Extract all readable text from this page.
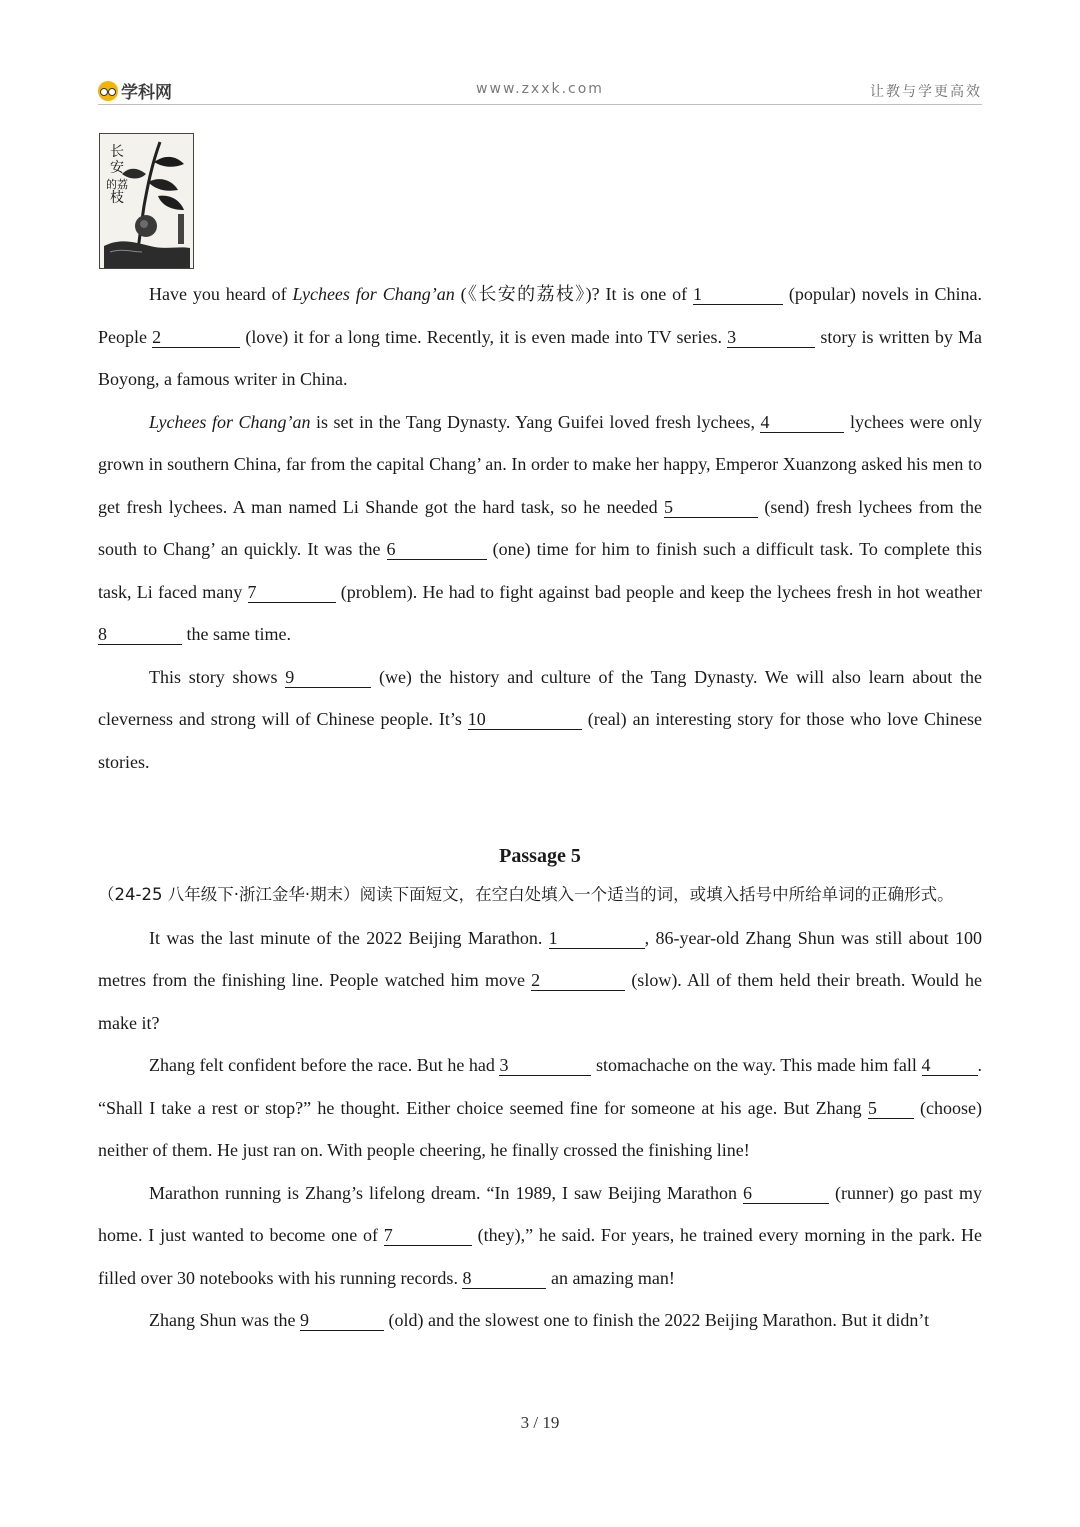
学科网	www.zxxk.com	让教与学更高效
长
安
的荔
枝

Have you heard of Lychees for Chang’an (《长安的荔枝》)? It is one of 1	(popular) novels in China. People 2	(love) it for a long time. Recently, it is even made into TV series. 3	story is written by Ma Boyong, a famous writer in China.

Lychees for Chang’an is set in the Tang Dynasty. Yang Guifei loved fresh lychees, 4	lychees were only grown in southern China, far from the capital Chang’ an. In order to make her happy, Emperor Xuanzong asked his men to get fresh lychees. A man named Li Shande got the hard task, so he needed 5	(send) fresh lychees from the south to Chang’ an quickly. It was the 6	(one) time for him to finish such a difficult task. To complete this task, Li faced many 7	(problem). He had to fight against bad people and keep the lychees fresh in hot weather 8	the same time.

This story shows 9	(we) the history and culture of the Tang Dynasty. We will also learn about the cleverness and strong will of Chinese people. It’s 10	(real) an interesting story for those who love Chinese stories.

Passage 5
（24-25 八年级下·浙江金华·期末）阅读下面短文，在空白处填入一个适当的词，或填入括号中所给单词的正确形式。

It was the last minute of the 2022 Beijing Marathon. 1	, 86-year-old Zhang Shun was still about 100 metres from the finishing line. People watched him move 2	(slow). All of them held their breath. Would he make it?

Zhang felt confident before the race. But he had 3	stomachache on the way. This made him fall 4	. “Shall I take a rest or stop?” he thought. Either choice seemed fine for someone at his age. But Zhang 5 (choose) neither of them. He just ran on. With people cheering, he finally crossed the finishing line!

Marathon running is Zhang’s lifelong dream. “In 1989, I saw Beijing Marathon 6	(runner) go past my home. I just wanted to become one of 7	(they),” he said. For years, he trained every morning in the park. He filled over 30 notebooks with his running records. 8	an amazing man!

Zhang Shun was the 9	(old) and the slowest one to finish the 2022 Beijing Marathon. But it didn’t

3 / 19
